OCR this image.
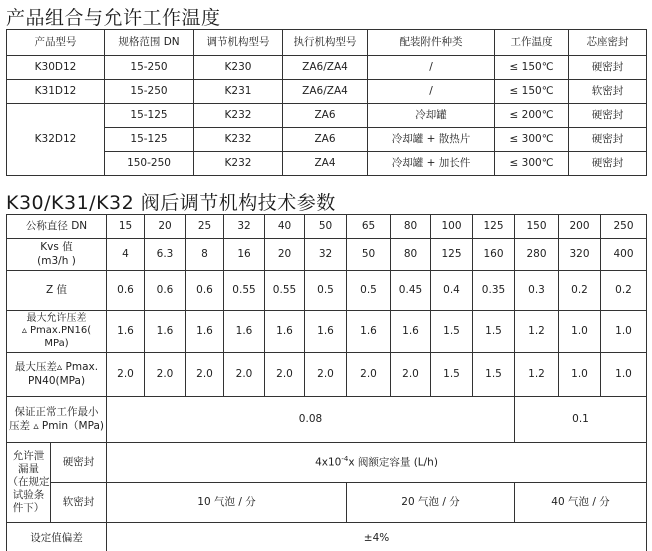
产品组合与允许工作温度
产品型号	规格范围 DN	调节机构型号	执行机构型号	配装附件种类	工作温度	芯座密封
K30D12	15-250	K230	ZA6/ZA4	/	≤ 150℃	硬密封
K31D12	15-250	K231	ZA6/ZA4	/	≤ 150℃	软密封
K32D12	15-125	K232	ZA6	冷却罐	≤ 200℃	硬密封
	15-125	K232	ZA6	冷却罐 + 散热片	≤ 300℃	硬密封
	150-250	K232	ZA4	冷却罐 + 加长件	≤ 300℃	硬密封
K30/K31/K32 阀后调节机构技术参数
公称直径 DN		15	20	25	32	40	50	65	80	100	125	150	200	250

Kvs 值
(m3/h )		4	6.3	8	16	20	32	50	80	125	160	280	320	400
Z 值		0.6	0.6	0.6	0.55	0.55	0.5	0.5	0.45	0.4	0.35	0.3	0.2	0.2

最大允许压差
▵ Pmax.PN16(
MPa)		1.6	1.6	1.6	1.6	1.6	1.6	1.6	1.6	1.5	1.5	1.2	1.0	1.0

最大压差▵ Pmax.
PN40(MPa)		2.0	2.0	2.0	2.0	2.0	2.0	2.0	2.0	1.5	1.5	1.2	1.0	1.0

保证正常工作最小
压差 ▵ Pmin（MPa)		0.08										0.1		

允许泄
漏量
（在规定
试验条
件下）	硬密封	$4x10^{-4}x$ 阀额定容量 (L/h)												
	软密封	10 气泡 / 分						20 气泡 / 分				40 气泡 / 分		
设定值偏差		±4%												
